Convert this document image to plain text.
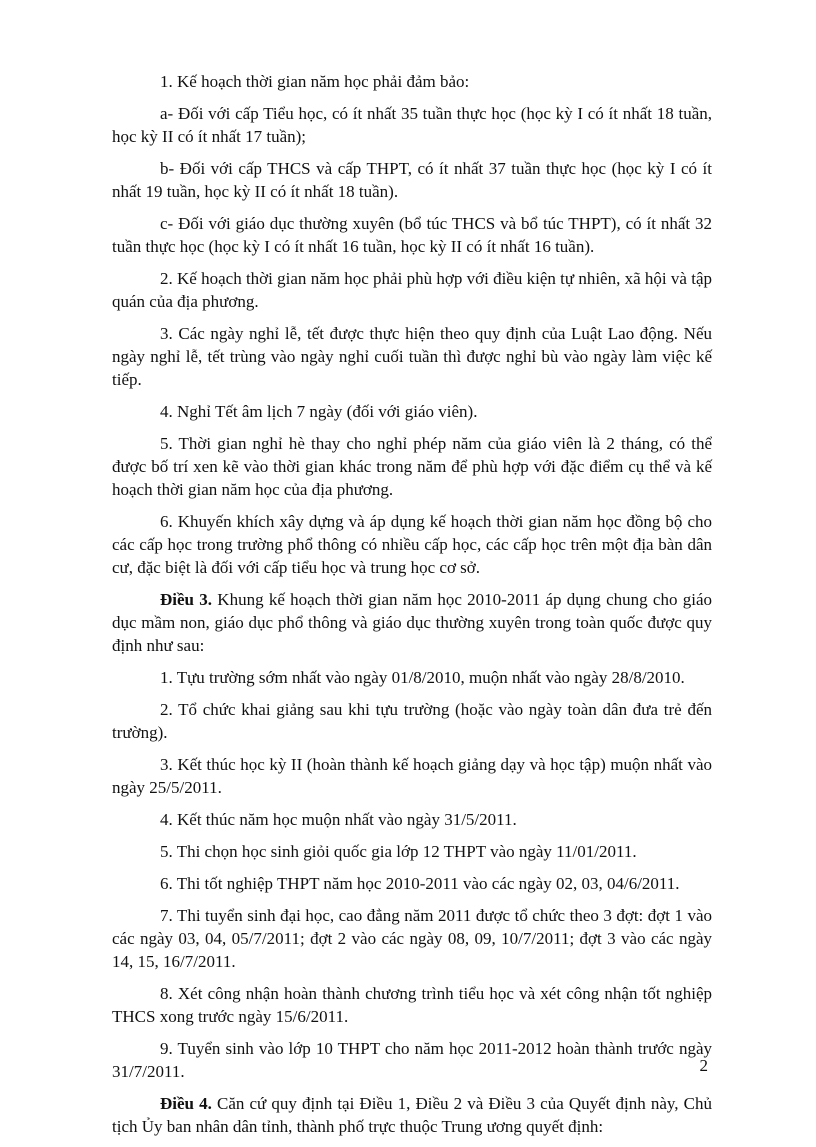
1. Kế hoạch thời gian năm học phải đảm bảo:

a- Đối với cấp Tiểu học, có ít nhất 35 tuần thực học (học kỳ I có ít nhất 18 tuần, học kỳ II có ít nhất 17 tuần);

b- Đối với cấp THCS và cấp THPT, có ít nhất 37 tuần thực học (học kỳ I có ít nhất 19 tuần, học kỳ II có ít nhất 18 tuần).

c- Đối với giáo dục thường xuyên (bổ túc THCS và bổ túc THPT), có ít nhất 32 tuần thực học (học kỳ I có ít nhất 16 tuần, học kỳ II có ít nhất 16 tuần).

2. Kế hoạch thời gian năm học phải phù hợp với điều kiện tự nhiên, xã hội và tập quán của địa phương.

3. Các ngày nghỉ lễ, tết được thực hiện theo quy định của Luật Lao động. Nếu ngày nghỉ lễ, tết trùng vào ngày nghỉ cuối tuần thì được nghỉ bù vào ngày làm việc kế tiếp.

4. Nghỉ Tết âm lịch 7 ngày (đối với giáo viên).

5. Thời gian nghỉ hè thay cho nghỉ phép năm của giáo viên là 2 tháng, có thể được bố trí xen kẽ vào thời gian khác trong năm để phù hợp với đặc điểm cụ thể và kế hoạch thời gian năm học của địa phương.

6. Khuyến khích xây dựng và áp dụng kế hoạch thời gian năm học đồng bộ cho các cấp học trong trường phổ thông có nhiều cấp học, các cấp học trên một địa bàn dân cư, đặc biệt là đối với cấp tiểu học và trung học cơ sở.

Điều 3. Khung kế hoạch thời gian năm học 2010-2011 áp dụng chung cho giáo dục mầm non, giáo dục phổ thông và giáo dục thường xuyên trong toàn quốc được quy định như sau:

1. Tựu trường sớm nhất vào ngày 01/8/2010, muộn nhất vào ngày 28/8/2010.

2. Tổ chức khai giảng sau khi tựu trường (hoặc vào ngày toàn dân đưa trẻ đến trường).

3. Kết thúc học kỳ II (hoàn thành kế hoạch giảng dạy và học tập) muộn nhất vào ngày 25/5/2011.

4. Kết thúc năm học muộn nhất vào ngày 31/5/2011.

5. Thi chọn học sinh giỏi quốc gia lớp 12 THPT vào ngày 11/01/2011.

6. Thi tốt nghiệp THPT năm học 2010-2011 vào các ngày 02, 03, 04/6/2011.

7. Thi tuyển sinh đại học, cao đẳng năm 2011 được tổ chức theo 3 đợt: đợt 1 vào các ngày 03, 04, 05/7/2011; đợt 2 vào các ngày 08, 09, 10/7/2011; đợt 3 vào các ngày 14, 15, 16/7/2011.

8. Xét công nhận hoàn thành chương trình tiểu học và xét công nhận tốt nghiệp THCS xong trước ngày 15/6/2011.

9. Tuyển sinh vào lớp 10 THPT cho năm học 2011-2012 hoàn thành trước ngày 31/7/2011.

Điều 4. Căn cứ quy định tại Điều 1, Điều 2 và Điều 3 của Quyết định này, Chủ tịch Ủy ban nhân dân tỉnh, thành phố trực thuộc Trung ương quyết định:

2
